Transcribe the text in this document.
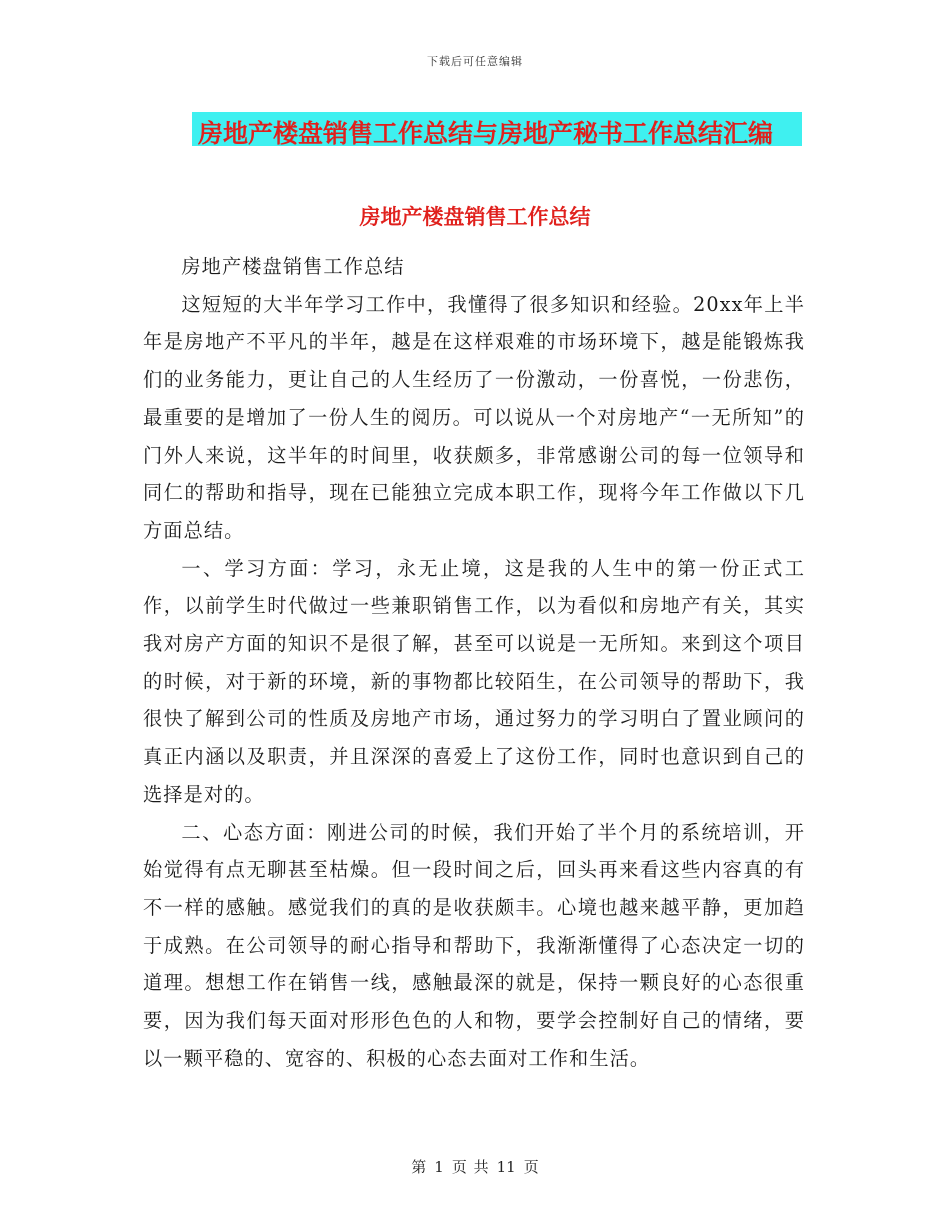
下载后可任意编辑
房地产楼盘销售工作总结与房地产秘书工作总结汇编
房地产楼盘销售工作总结

房地产楼盘销售工作总结

这短短的大半年学习工作中，我懂得了很多知识和经验。20xx年上半年是房地产不平凡的半年，越是在这样艰难的市场环境下，越是能锻炼我们的业务能力，更让自己的人生经历了一份激动，一份喜悦，一份悲伤，最重要的是增加了一份人生的阅历。可以说从一个对房地产“一无所知”的门外人来说，这半年的时间里，收获颇多，非常感谢公司的每一位领导和同仁的帮助和指导，现在已能独立完成本职工作，现将今年工作做以下几方面总结。

一、学习方面：学习，永无止境，这是我的人生中的第一份正式工作，以前学生时代做过一些兼职销售工作，以为看似和房地产有关，其实我对房产方面的知识不是很了解，甚至可以说是一无所知。来到这个项目的时候，对于新的环境，新的事物都比较陌生，在公司领导的帮助下，我很快了解到公司的性质及房地产市场，通过努力的学习明白了置业顾问的真正内涵以及职责，并且深深的喜爱上了这份工作，同时也意识到自己的选择是对的。

二、心态方面：刚进公司的时候，我们开始了半个月的系统培训，开始觉得有点无聊甚至枯燥。但一段时间之后，回头再来看这些内容真的有不一样的感触。感觉我们的真的是收获颇丰。心境也越来越平静，更加趋于成熟。在公司领导的耐心指导和帮助下，我渐渐懂得了心态决定一切的道理。想想工作在销售一线，感触最深的就是，保持一颗良好的心态很重要，因为我们每天面对形形色色的人和物，要学会控制好自己的情绪，要以一颗平稳的、宽容的、积极的心态去面对工作和生活。

第 1 页 共 11 页
